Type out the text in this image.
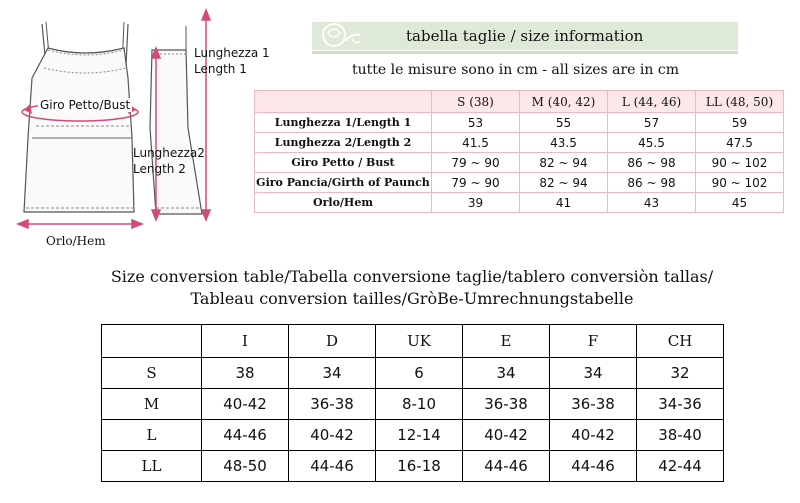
Lunghezza 1
Length 1
Lunghezza2
Length 2
Giro Petto/Bust
Orlo/Hem
tabella taglie / size information
tutte le misure sono in cm - all sizes are in cm
	S (38)	M (40, 42)	L (44, 46)	LL (48, 50)
Lunghezza 1/Length 1	53	55	57	59
Lunghezza 2/Length 2	41.5	43.5	45.5	47.5
Giro Petto / Bust	79 ~ 90	82 ~ 94	86 ~ 98	90 ~ 102
Giro Pancia/Girth of Paunch	79 ~ 90	82 ~ 94	86 ~ 98	90 ~ 102
Orlo/Hem	39	41	43	45
Size conversion table/Tabella conversione taglie/tablero conversiòn tallas/
Tableau conversion tailles/GròBe-Umrechnungstabelle
	I	D	UK	E	F	CH
S	38	34	6	34	34	32
M	40-42	36-38	8-10	36-38	36-38	34-36
L	44-46	40-42	12-14	40-42	40-42	38-40
LL	48-50	44-46	16-18	44-46	44-46	42-44
